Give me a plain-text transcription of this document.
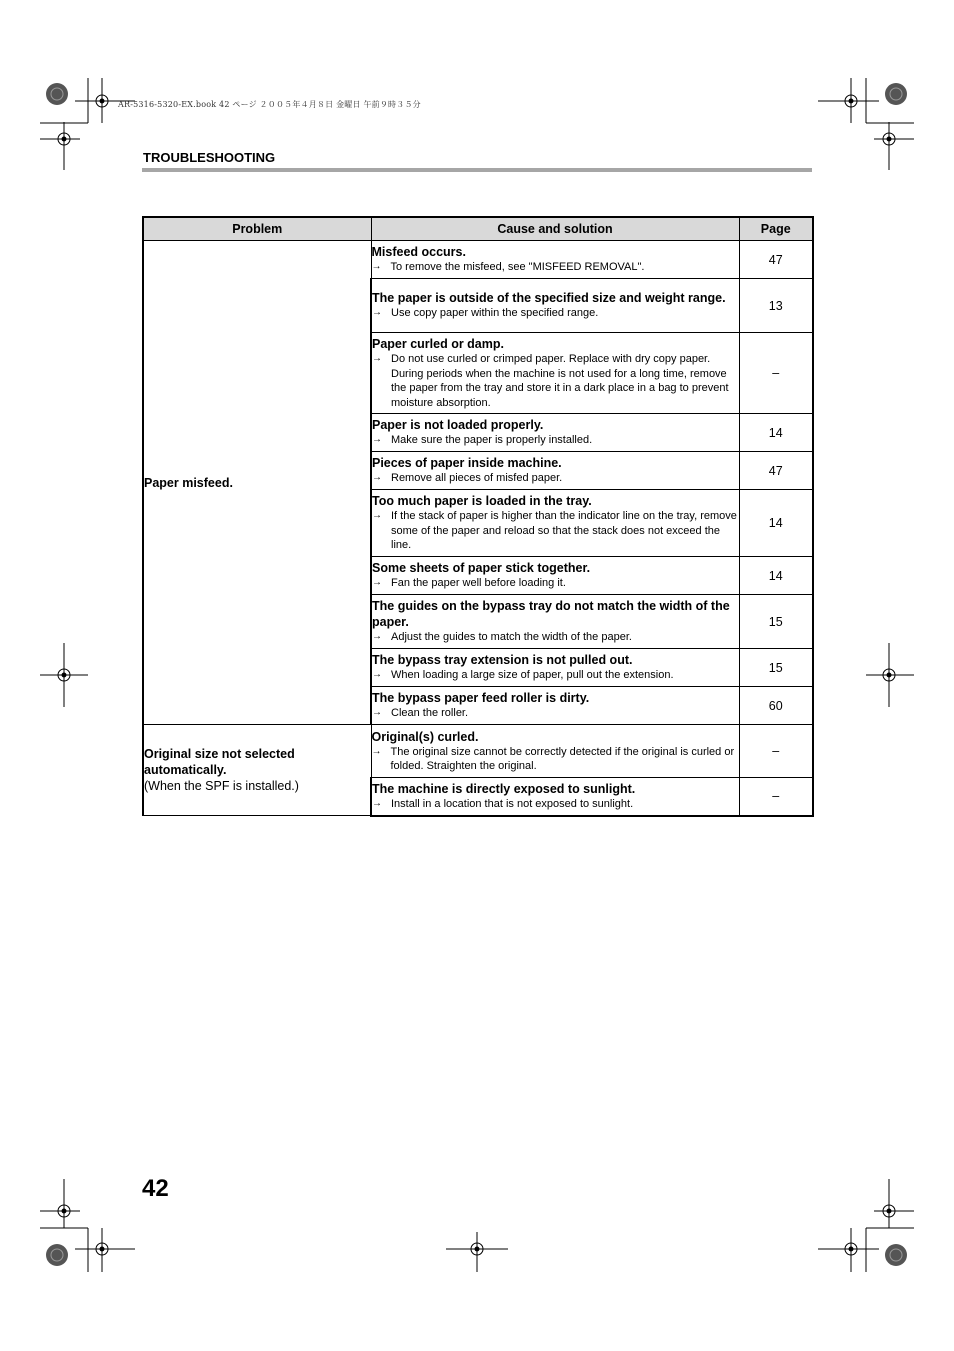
AR-5316-5320-EX.book 42 ページ ２００５年４月８日 金曜日 午前９時３５分
TROUBLESHOOTING
Problem	Cause and solution	Page

Paper misfeed.	Misfeed occurs.
→ To remove the misfeed, see "MISFEED REMOVAL".	47

	The paper is outside of the specified size and weight range.
→ Use copy paper within the specified range.	13

	Paper curled or damp.
→ Do not use curled or crimped paper. Replace with dry copy paper. During periods when the machine is not used for a long time, remove the paper from the tray and store it in a dark place in a bag to prevent moisture absorption.	–

	Paper is not loaded properly.
→ Make sure the paper is properly installed.	14

	Pieces of paper inside machine.
→ Remove all pieces of misfed paper.	47

	Too much paper is loaded in the tray.
→ If the stack of paper is higher than the indicator line on the tray, remove some of the paper and reload so that the stack does not exceed the line.	14

	Some sheets of paper stick together.
→ Fan the paper well before loading it.	14

	The guides on the bypass tray do not match the width of the paper.
→ Adjust the guides to match the width of the paper.	15

	The bypass tray extension is not pulled out.
→ When loading a large size of paper, pull out the extension.	15

	The bypass paper feed roller is dirty.
→ Clean the roller.	60

Original size not selected automatically.
(When the SPF is installed.)	Original(s) curled.
→ The original size cannot be correctly detected if the original is curled or folded. Straighten the original.	–

	The machine is directly exposed to sunlight.
→ Install in a location that is not exposed to sunlight.	–
42
